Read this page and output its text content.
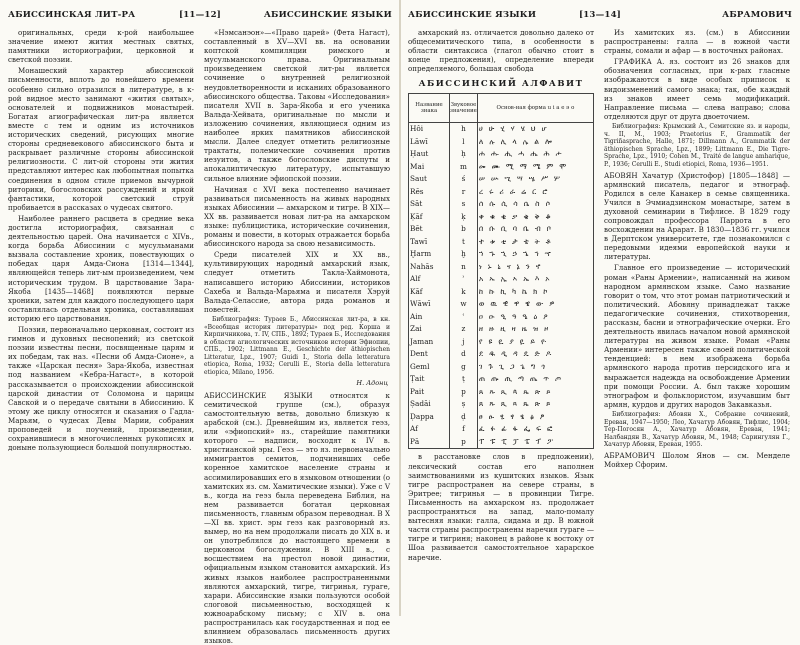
АБИССИНСКАЯ ЛИТ-РА	[11—12]	АБИССИНСКИЕ ЯЗЫКИ

оригинальных, среди к-рой наибольшее значение имеют жития местных святых, памятники историографии, церковной и светской поэзии.

Монашеский характер абиссинской письменности, вплоть до новейшего времени особенно сильно отразился в литературе, в к-рой видное место занимают «жития святых», основателей и подвижников монастырей. Богатая агиографическая лит-ра является вместе с тем и одним из источников исторических сведений, рисующих многие стороны средневекового абиссинского быта и раскрывает различные стороны абиссинской религиозности. С лит-ой стороны эти жития представляют интерес как любопытная попытка соединения в одном стиле приемов вычурной риторики, богословских рассуждений и яркой фантастики, которой светский струй пробивается в рассказах о чудесах святого.

Наиболее раннего расцвета в средние века достигла историография, связанная с деятельностью царей. Она начинается с XIVв., когда борьба Абиссинии с мусульманами вызвала составление хроник, повествующих о победах царя Амда-Сиона [1314—1344], являющейся теперь лит-ым произведением, чем историческим трудом. В царствование Зара-Якоба [1435—1468] появляются первые хроники, затем для каждого последующего царя составлялась отдельная хроника, составлявшая историю его царствования.

Поэзия, первоначально церковная, состоит из гимнов и духовных песнопений; из светской поэзии известны песни, посвященные царям и их победам, так наз. «Песни об Амда-Сионе», а также «Царская песня» Зара-Якоба, известная под названием «Кебра-Нагаст», в которой рассказывается о происхождении абиссинской царской династии от Соломона и царицы Савской и о передаче святыни в Абиссинию. К этому же циклу относятся и сказания о Гадла-Марьям, о чудесах Девы Марии, собрания проповедей и поучений, произведения, сохранившиеся в многочисленных рукописях и доныне пользующиеся большой популярностью.

«Нэмсанэон»—«Право царей» (Фета Нагаст), составленный в XV—XVI вв. на основании коптской компиляции римского и мусульманского права. Оригинальным произведением светской лит-ры является сочинение о внутренней религиозной неудовлетворенности и исканиях образованного абиссинского общества. Таковы «Исследования» писателя XVII в. Зара-Якоба и его ученика Вальда-Хейвата, оригинальные по мысли и изложению сочинения, являющиеся одним из наиболее ярких памятников абиссинской мысли. Далее следует отметить религиозные трактаты, полемические сочинения против иезуитов, а также богословские диспуты и апокалиптическую литературу, испытавшую сильное влияние эфиопской поэзии.

Начиная с XVI века постепенно начинает развиваться письменность на живых народных языках Абиссинии — амхарском и тигре. В XIX—XX вв. развивается новая лит-ра на амхарском языке: публицистика, исторические сочинения, романы и повести, в которых отражается борьба абиссинского народа за свою независимость.

Среди писателей XIX и XX вв., культивирующих народный амхарский язык, следует отметить Такла-Хаймонота, написавшего историю Абиссинии, историков Сахеба и Вальда-Марьяма и писателя Хэруй Вальда-Селассие, автора ряда романов и повестей.

Библиография: Тураев Б., Абиссинская лит-ра, в кн. «Всеобщая история литературы» под ред. Корша и Кирпичникова, т. IV, СПБ., 1892; Тураев Б., Исследования в области агиологических источников истории Эфиопии, СПБ., 1902; Littmann E., Geschichte der äthiopischen Litteratur, Lpz., 1907; Guidi I., Storia della letteratura etiopica, Roma, 1932; Cerulli E., Storia della letteratura etiopica, Milano, 1956.

Н. Адонц

АБИССИНСКИЕ ЯЗЫКИ относятся к семитической группе (см.), образуя самостоятельную ветвь, довольно близкую к арабской (см.). Древнейшим из, является геэз, или «эфиопский» яз., старейшие памятники которого — надписи, восходят к IV в. христианской эры. Геэз — это яз. первоначально иммигрантов семитов, подчинивших себе коренное хамитское население страны и ассимилировавших его в языковом отношении (о хамитских яз. см. Хамитические языки). Уже с V в., когда на геэз была переведена Библия, на нем развивается богатая церковная письменность, главным образом переводная. В X—XI вв. христ. эры геэз как разговорный яз. вымер, но на нем продолжали писать до XIX в. и он употреблялся до настоящего времени в церковном богослужении. В XIII в., с восшествием на престол новой династии, официальным языком становится амхарский. Из живых языков наиболее распространенными являются амхарский, тигре, тигринья, гураге, харари. Абиссинские языки пользуются особой слоговой письменностью, восходящей к южноарабскому письму; с XIV в. она распространилась как государственная и под ее влиянием образовалась письменность других языков.

АБИССИНСКИЕ ЯЗЫКИ	[13—14]	АБРАМОВИЧ

амхарский яз. отличается довольно далеко от общесемитического типа, в особенности в области синтаксиса (глагол обычно стоит в конце предложения), определение впереди определяемого, большая свобода

АБИССИНСКИЙ АЛФАВИТ
Название знака	Звуковое значение	Основ-ная форма u i a e ǝ o
Hôi	h	ሀ ሁ ሂ ሃ ሄ ህ ሆ
Lāwī	l	ለ ሉ ሊ ላ ሌ ል ሎ
Ḥaut	ḥ	ሐ ሑ ሒ ሓ ሔ ሕ ሖ
Mai	m	መ ሙ ሚ ማ ሜ ም ሞ
Saut	ś	ሠ ሡ ሢ ሣ ሤ ሥ ሦ
Rēs	r	ረ ሩ ሪ ራ ሬ ር ሮ
Sāt	s	ሰ ሱ ሲ ሳ ሴ ስ ሶ
Ḳāf	ḳ	ቀ ቁ ቂ ቃ ቄ ቅ ቆ
Bēt	b	በ ቡ ቢ ባ ቤ ብ ቦ
Tawī	t	ተ ቱ ቲ ታ ቴ ት ቶ
Ḫarm	ḫ	ኀ ኁ ኂ ኃ ኄ ኅ ኆ
Nahās	n	ነ ኑ ኒ ና ኔ ን ኖ
Alf	ʾ	አ ኡ ኢ ኣ ኤ እ ኦ
Kāf	k	ከ ኩ ኪ ካ ኬ ክ ኮ
Wāwī	w	ወ ዉ ዊ ዋ ዌ ው ዎ
Ain	ʿ	ዐ ዑ ዒ ዓ ዔ ዕ ዖ
Zai	z	ዘ ዙ ዚ ዛ ዜ ዝ ዞ
Jaman	j	የ ዩ ዪ ያ ዬ ይ ዮ
Dent	d	ደ ዱ ዲ ዳ ዴ ድ ዶ
Geml	g	ገ ጉ ጊ ጋ ጌ ግ ጎ
Ṭait	ṭ	ጠ ጡ ጢ ጣ ጤ ጥ ጦ
Pait	p̣	ጰ ጱ ጲ ጳ ጴ ጵ ጶ
Ṣadāi	ṣ	ጸ ጹ ጺ ጻ ጼ ጽ ጾ
Ḍappa	ḍ	ፀ ፁ ፂ ፃ ፄ ፅ ፆ
Af	f	ፈ ፉ ፊ ፋ ፌ ፍ ፎ
Pā	p	ፐ ፑ ፒ ፓ ፔ ፕ ፖ

в расстановке слов в предложении), лексический состав его наполнен заимствованиями из кушитских языков. Язык тигре распространен на севере страны, в Эритрее; тигринья — в провинции Тигре. Письменность на амхарском яз. продолжает распространяться на запад, мало-помалу вытесняя языки: галла, сидама и др. В южной части страны распространены наречия гураге — тигре и тигриня; наконец в районе к востоку от Шоа развивается самостоятельное харарское наречие.

Из хамитских яз. (см.) в Абиссинии распространены: галла — в южной части страны, сомали и афар — в восточных районах.

ГРАФИКА А. яз. состоит из 26 знаков для обозначения согласных, при к-рых гласные изображаются в виде особых приписок к видоизменений самого знака; так, обе каждый из знаков имеет семь модификаций. Направление письма — слева направо; слова отделяются друг от друга двоеточием.

Библиография: Крымский А., Семитские яз. и народы, ч. II, М., 1903; Praetorius F., Grammatik der Tigriñasprache, Halle, 1871; Dillmann A., Grammatik der äthiopischen Sprache, Lpz., 1899; Littmann E., Die Tigre-Sprache, Lpz., 1910; Cohen M., Traité de langue amharique, P., 1936; Cerulli E., Studi etiopici, Roma, 1936—1951.

АБОВЯН Хачатур (Христофор) [1805—1848] — армянский писатель, педагог и этнограф. Родился в селе Канакер в семье священника. Учился в Эчмиадзинском монастыре, затем в духовной семинарии в Тифлисе. В 1829 году сопровождал профессора Паррота в его восхождении на Арарат. В 1830—1836 гг. учился в Дерптском университете, где познакомился с передовыми идеями европейской науки и литературы.

Главное его произведение — исторический роман «Раны Армении», написанный на живом народном армянском языке. Само название говорит о том, что этот роман патриотический и политический. Абовяну принадлежат также педагогические сочинения, стихотворения, рассказы, басни и этнографические очерки. Его деятельность явилась началом новой армянской литературы на живом языке. Роман «Раны Армении» интересен также своей политической тенденцией: в нем изображена борьба армянского народа против персидского ига и выражается надежда на освобождение Армении при помощи России. А. был также хорошим этнографом и фольклористом, изучавшим быт армян, курдов и других народов Закавказья.

Библиография: Абовян Х., Собрание сочинений, Ереван, 1947—1950; Лео, Хачатур Абовян, Тифлис, 1904; Тер-Погосян А., Хачатур Абовян, Ереван, 1941; Налбандян В., Хачатур Абовян, М., 1948; Сарингулян Г., Хачатур Абовян, Ереван, 1955.

АБРАМОВИЧ Шолом Янов — см. Менделе Мойхер Сфорим.
